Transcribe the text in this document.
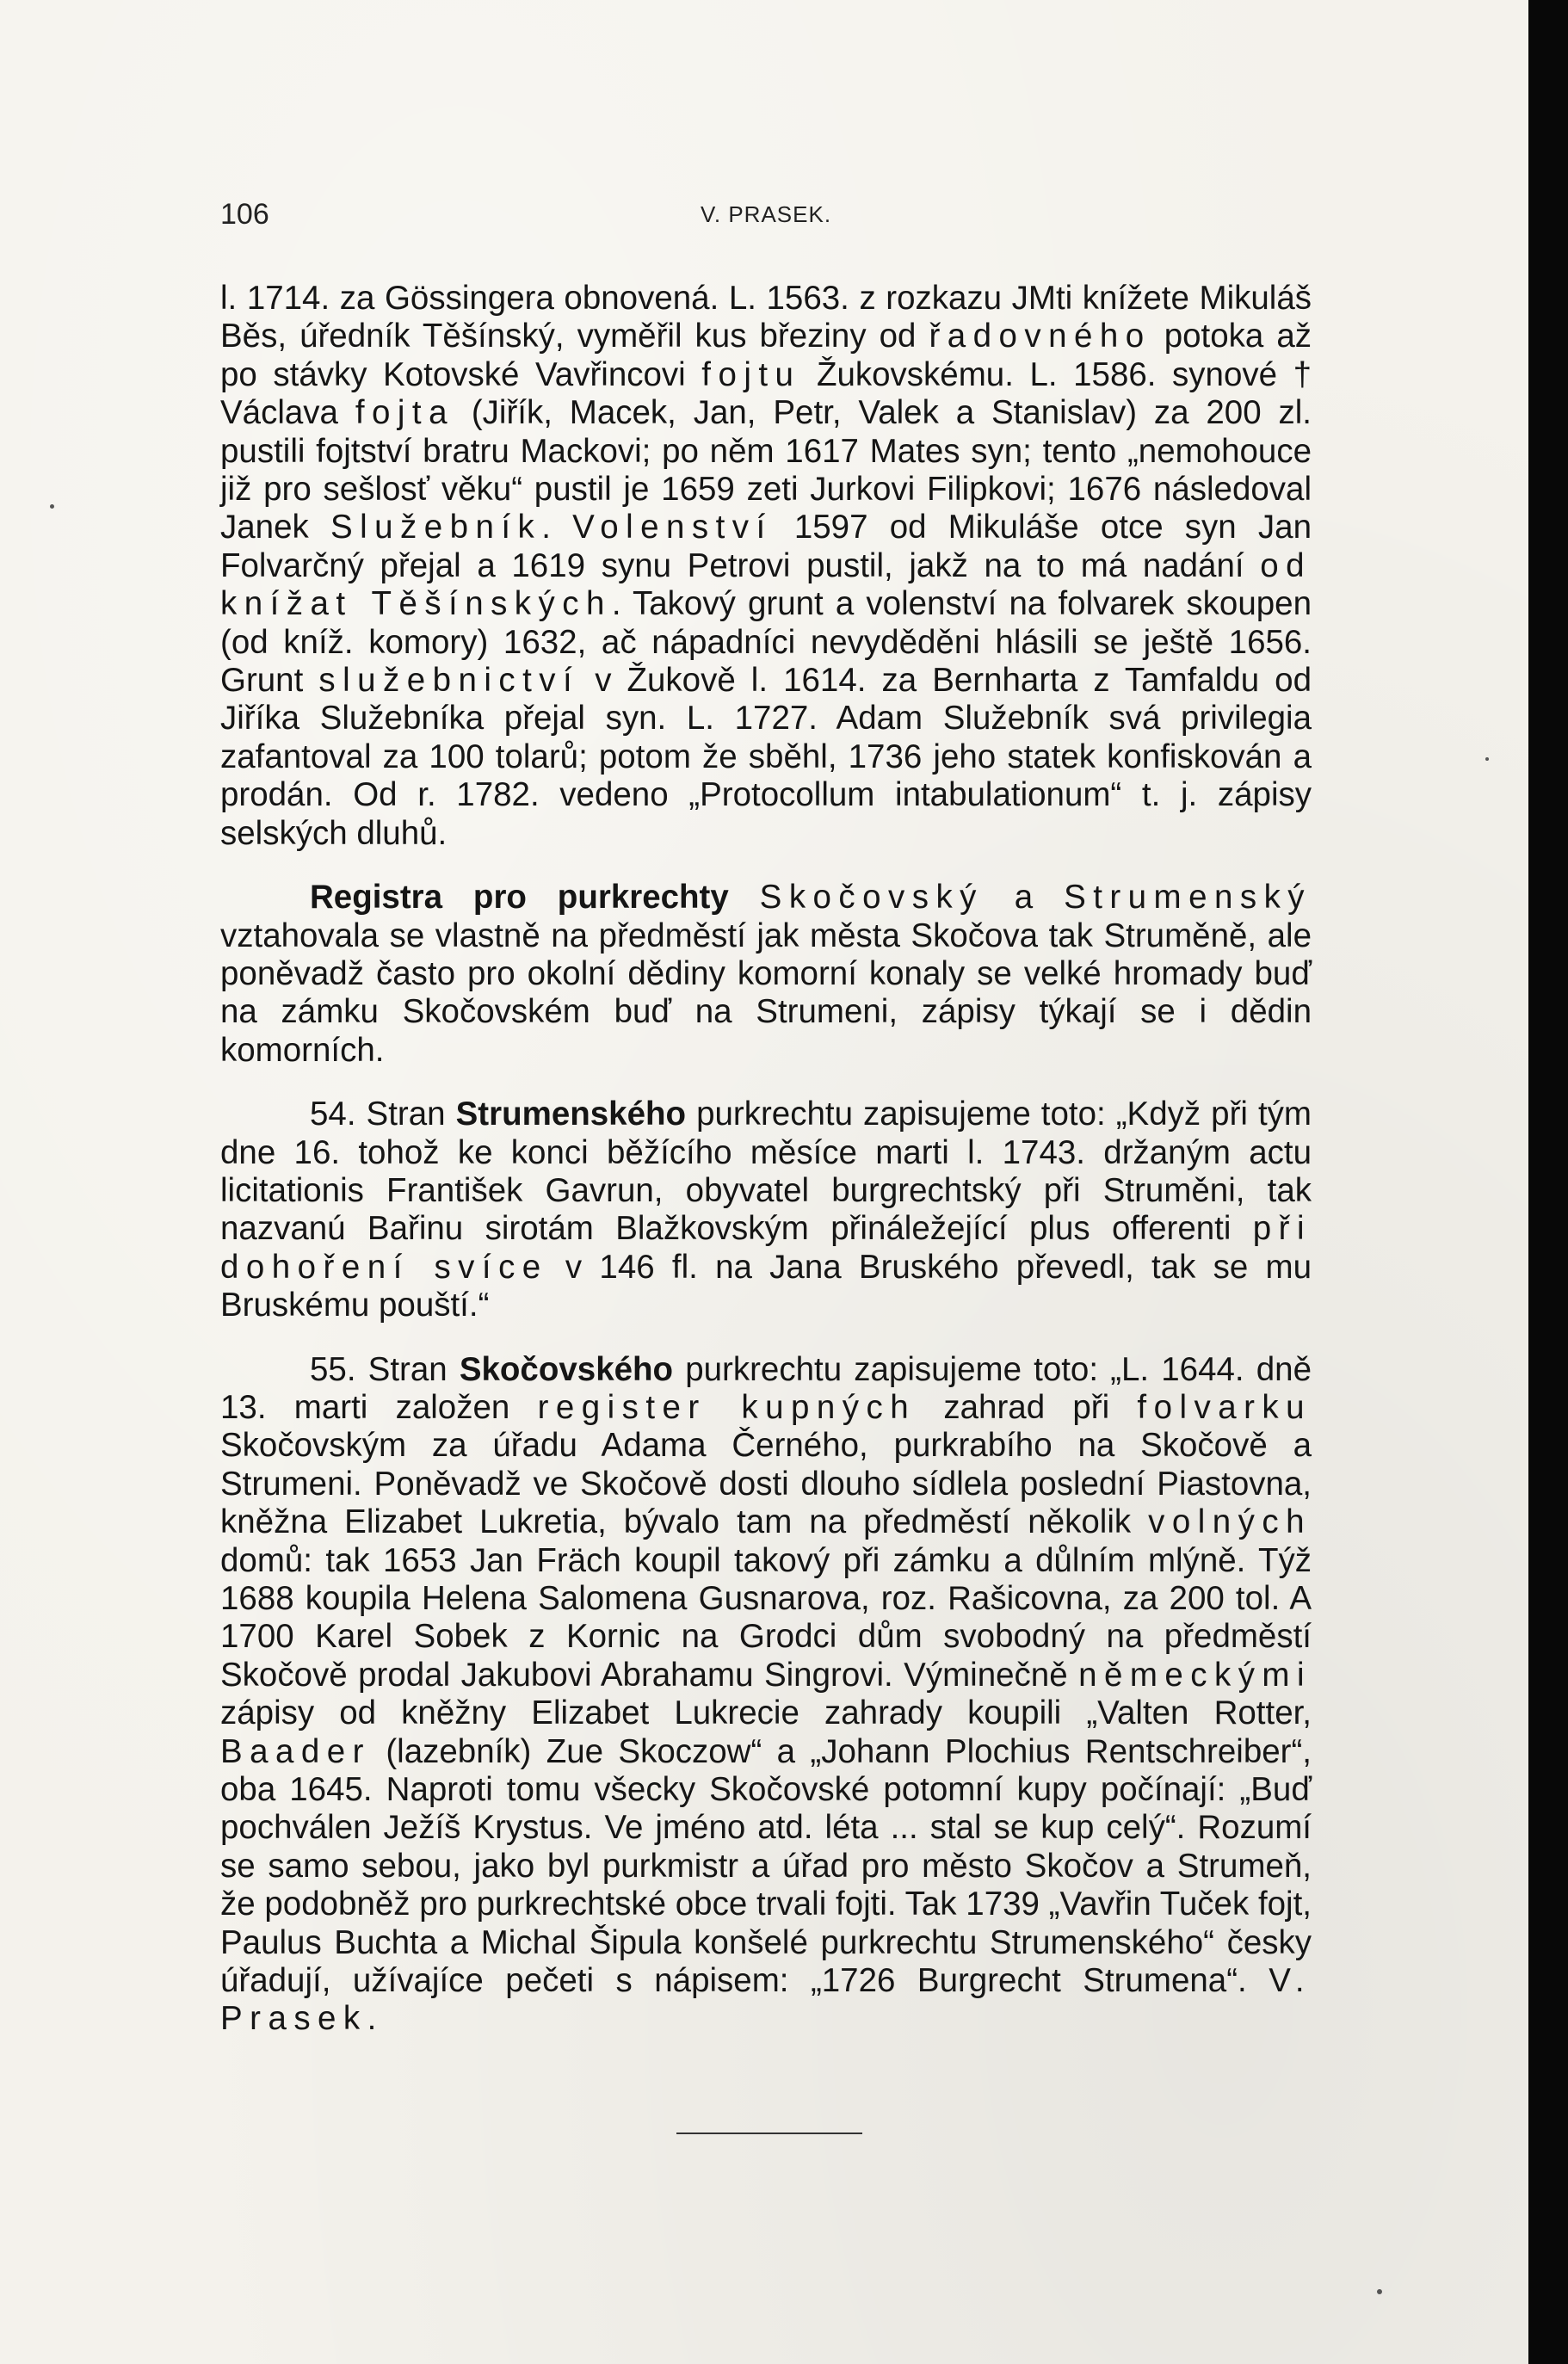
106	V. PRASEK.

l. 1714. za Gössingera obnovená. L. 1563. z rozkazu JMti knížete Mikuláš Běs, úředník Těšínský, vyměřil kus březiny od řadovného potoka až po stávky Kotovské Vavřincovi fojtu Žukovskému. L. 1586. synové † Václava fojta (Jiřík, Macek, Jan, Petr, Valek a Stanislav) za 200 zl. pustili fojtství bratru Mackovi; po něm 1617 Mates syn; tento „nemohouce již pro sešlosť věku“ pustil je 1659 zeti Jurkovi Filipkovi; 1676 následoval Janek Služebník. Volenství 1597 od Mikuláše otce syn Jan Folvarčný přejal a 1619 synu Petrovi pustil, jakž na to má nadání od knížat Těšínských. Takový grunt a volenství na folvarek skoupen (od kníž. komory) 1632, ač nápadníci nevyděděni hlásili se ještě 1656. Grunt služebnictví v Žukově l. 1614. za Bernharta z Tamfaldu od Jiříka Služebníka přejal syn. L. 1727. Adam Služebník svá privilegia zafantoval za 100 tolarů; potom že sběhl, 1736 jeho statek konfiskován a prodán. Od r. 1782. vedeno „Protocollum intabulationum“ t. j. zápisy selských dluhů.

Registra pro purkrechty Skočovský a Strumenský vztahovala se vlastně na předměstí jak města Skočova tak Struměně, ale poněvadž často pro okolní dědiny komorní konaly se velké hromady buď na zámku Skočovském buď na Strumeni, zápisy týkají se i dědin komorních.

54. Stran Strumenského purkrechtu zapisujeme toto: „Když při tým dne 16. tohož ke konci běžícího měsíce marti l. 1743. držaným actu licitationis František Gavrun, obyvatel burgrechtský při Struměni, tak nazvanú Bařinu sirotám Blažkovským přináležející plus offerenti při dohoření svíce v 146 fl. na Jana Bruského převedl, tak se mu Bruskému pouští.“

55. Stran Skočovského purkrechtu zapisujeme toto: „L. 1644. dně 13. marti založen register kupných zahrad při folvarku Skočovským za úřadu Adama Černého, purkrabího na Skočově a Strumeni. Poněvadž ve Skočově dosti dlouho sídlela poslední Piastovna, kněžna Elizabet Lukretia, bývalo tam na předměstí několik volných domů: tak 1653 Jan Fräch koupil takový při zámku a důlním mlýně. Týž 1688 koupila Helena Salomena Gusnarova, roz. Rašicovna, za 200 tol. A 1700 Karel Sobek z Kornic na Grodci dům svobodný na předměstí Skočově prodal Jakubovi Abrahamu Singrovi. Výminečně německými zápisy od kněžny Elizabet Lukrecie zahrady koupili „Valten Rotter, Baader (lazebník) Zue Skoczow“ a „Johann Plochius Rentschreiber“, oba 1645. Naproti tomu všecky Skočovské potomní kupy počínají: „Buď pochválen Ježíš Krystus. Ve jméno atd. léta ... stal se kup celý“. Rozumí se samo sebou, jako byl purkmistr a úřad pro město Skočov a Strumeň, že podobněž pro purkrechtské obce trvali fojti. Tak 1739 „Vavřin Tuček fojt, Paulus Buchta a Michal Šipula konšelé purkrechtu Strumenského“ česky úřadují, užívajíce pečeti s nápisem: „1726 Burgrecht Strumena“. V. Prasek.
